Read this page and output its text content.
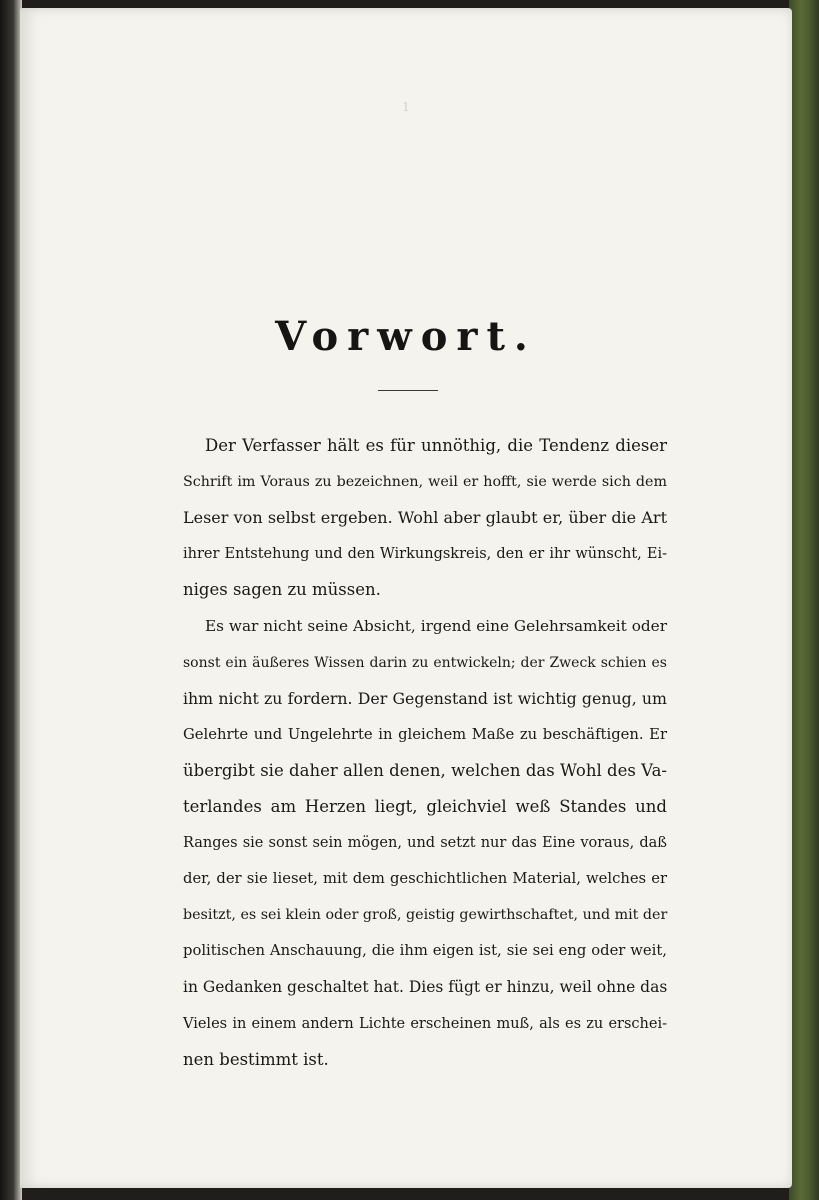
1
Vorwort.
Der Verfasser hält es für unnöthig, die Tendenz dieser
Schrift im Voraus zu bezeichnen, weil er hofft, sie werde sich dem
Leser von selbst ergeben. Wohl aber glaubt er, über die Art
ihrer Entstehung und den Wirkungskreis, den er ihr wünscht, Ei-
niges sagen zu müssen.
Es war nicht seine Absicht, irgend eine Gelehrsamkeit oder
sonst ein äußeres Wissen darin zu entwickeln; der Zweck schien es
ihm nicht zu fordern. Der Gegenstand ist wichtig genug, um
Gelehrte und Ungelehrte in gleichem Maße zu beschäftigen. Er
übergibt sie daher allen denen, welchen das Wohl des Va-
terlandes am Herzen liegt, gleichviel weß Standes und
Ranges sie sonst sein mögen, und setzt nur das Eine voraus, daß
der, der sie lieset, mit dem geschichtlichen Material, welches er
besitzt, es sei klein oder groß, geistig gewirthschaftet, und mit der
politischen Anschauung, die ihm eigen ist, sie sei eng oder weit,
in Gedanken geschaltet hat. Dies fügt er hinzu, weil ohne das
Vieles in einem andern Lichte erscheinen muß, als es zu erschei-
nen bestimmt ist.
